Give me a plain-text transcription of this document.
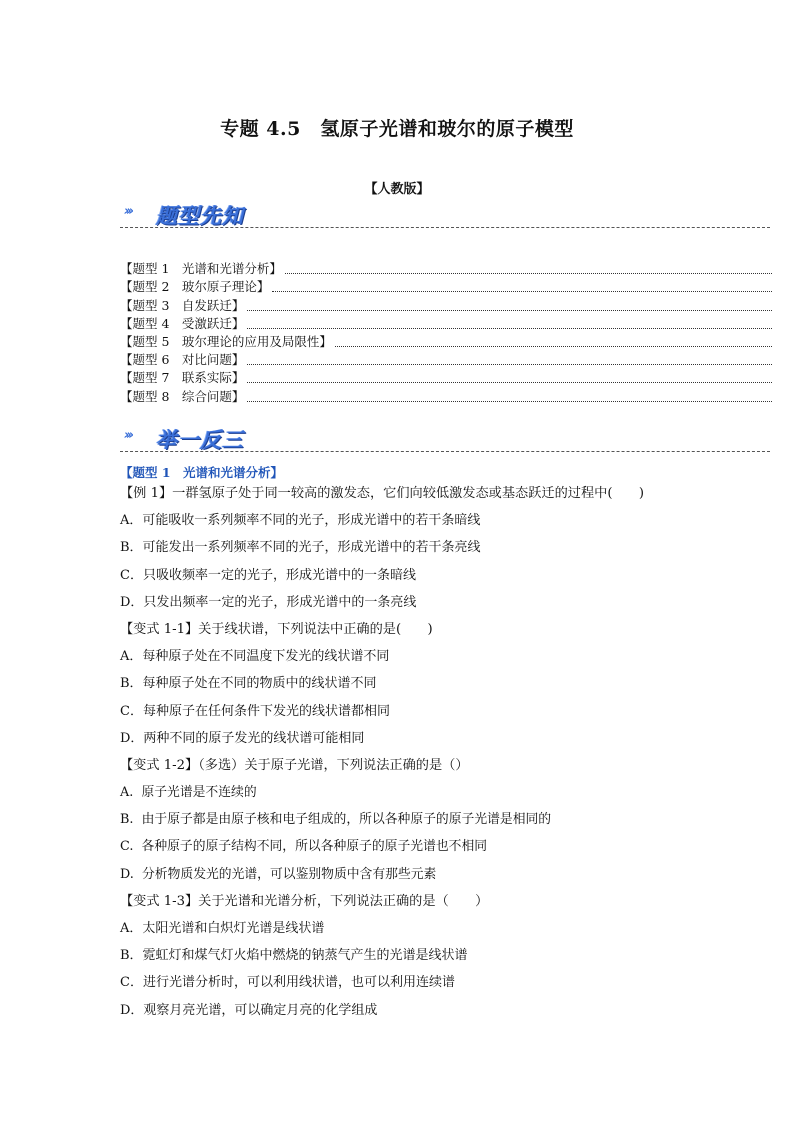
专题 4.5　氢原子光谱和玻尔的原子模型
【人教版】
››› 题型先知
【题型 1　光谱和光谱分析】
【题型 2　玻尔原子理论】
【题型 3　自发跃迁】
【题型 4　受激跃迁】
【题型 5　玻尔理论的应用及局限性】
【题型 6　对比问题】
【题型 7　联系实际】
【题型 8　综合问题】
››› 举一反三
【题型 1　光谱和光谱分析】
【例 1】一群氢原子处于同一较高的激发态，它们向较低激发态或基态跃迁的过程中(　　)
A．可能吸收一系列频率不同的光子，形成光谱中的若干条暗线
B．可能发出一系列频率不同的光子，形成光谱中的若干条亮线
C．只吸收频率一定的光子，形成光谱中的一条暗线
D．只发出频率一定的光子，形成光谱中的一条亮线
【变式 1-1】关于线状谱，下列说法中正确的是(　　)
A．每种原子处在不同温度下发光的线状谱不同
B．每种原子处在不同的物质中的线状谱不同
C．每种原子在任何条件下发光的线状谱都相同
D．两种不同的原子发光的线状谱可能相同
【变式 1-2】（多选）关于原子光谱，下列说法正确的是（）
A.  原子光谱是不连续的
B.  由于原子都是由原子核和电子组成的，所以各种原子的原子光谱是相同的
C.  各种原子的原子结构不同，所以各种原子的原子光谱也不相同
D.  分析物质发光的光谱，可以鉴别物质中含有那些元素
【变式 1-3】关于光谱和光谱分析，下列说法正确的是（　　）
A．太阳光谱和白炽灯光谱是线状谱
B．霓虹灯和煤气灯火焰中燃烧的钠蒸气产生的光谱是线状谱
C．进行光谱分析时，可以利用线状谱，也可以利用连续谱
D．观察月亮光谱，可以确定月亮的化学组成
